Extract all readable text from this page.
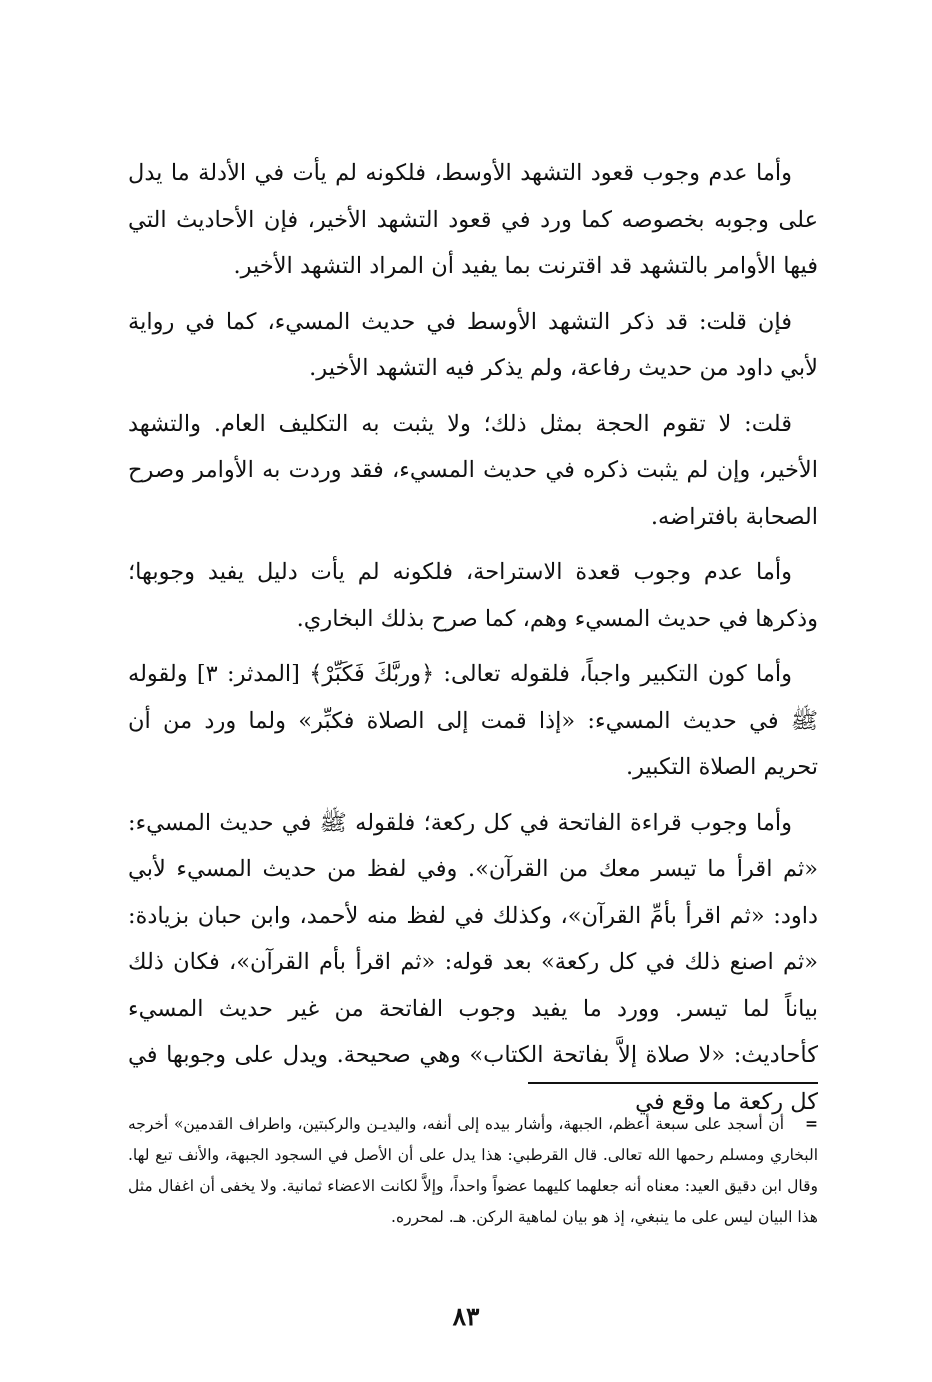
وأما عدم وجوب قعود التشهد الأوسط، فلكونه لم يأت في الأدلة ما يدل على وجوبه بخصوصه كما ورد في قعود التشهد الأخير، فإن الأحاديث التي فيها الأوامر بالتشهد قد اقترنت بما يفيد أن المراد التشهد الأخير.

فإن قلت: قد ذكر التشهد الأوسط في حديث المسيء، كما في رواية لأبي داود من حديث رفاعة، ولم يذكر فيه التشهد الأخير.

قلت: لا تقوم الحجة بمثل ذلك؛ ولا يثبت به التكليف العام. والتشهد الأخير، وإن لم يثبت ذكره في حديث المسيء، فقد وردت به الأوامر وصرح الصحابة بافتراضه.

وأما عدم وجوب قعدة الاستراحة، فلكونه لم يأت دليل يفيد وجوبها؛ وذكرها في حديث المسيء وهم، كما صرح بذلك البخاري.

وأما كون التكبير واجباً، فلقوله تعالى: ﴿وربَّكَ فَكَبِّرْ﴾ [المدثر: ٣] ولقوله ﷺ في حديث المسيء: «إذا قمت إلى الصلاة فكبِّر» ولما ورد من أن تحريم الصلاة التكبير.

وأما وجوب قراءة الفاتحة في كل ركعة؛ فلقوله ﷺ في حديث المسيء: «ثم اقرأ ما تيسر معك من القرآن». وفي لفظ من حديث المسيء لأبي داود: «ثم اقرأ بأمِّ القرآن»، وكذلك في لفظ منه لأحمد، وابن حبان بزيادة: «ثم اصنع ذلك في كل ركعة» بعد قوله: «ثم اقرأ بأم القرآن»، فكان ذلك بياناً لما تيسر. وورد ما يفيد وجوب الفاتحة من غير حديث المسيء كأحاديث: «لا صلاة إلاَّ بفاتحة الكتاب» وهي صحيحة. ويدل على وجوبها في كل ركعة ما وقع في

=أن أسجد على سبعة أعظم، الجبهة، وأشار بيده إلى أنفه، واليديـن والركبتين، واطراف القدمين» أخرجه البخاري ومسلم رحمها الله تعالى. قال القرطبي: هذا يدل على أن الأصل في السجود الجبهة، والأنف تبع لها. وقال ابن دقيق العيد: معناه أنه جعلهما كليهما عضواً واحداً، وإلاَّ لكانت الاعضاء ثمانية. ولا يخفى أن اغفال مثل هذا البيان ليس على ما ينبغي، إذ هو بيان لماهية الركن. هـ. لمحرره.
٨٣
